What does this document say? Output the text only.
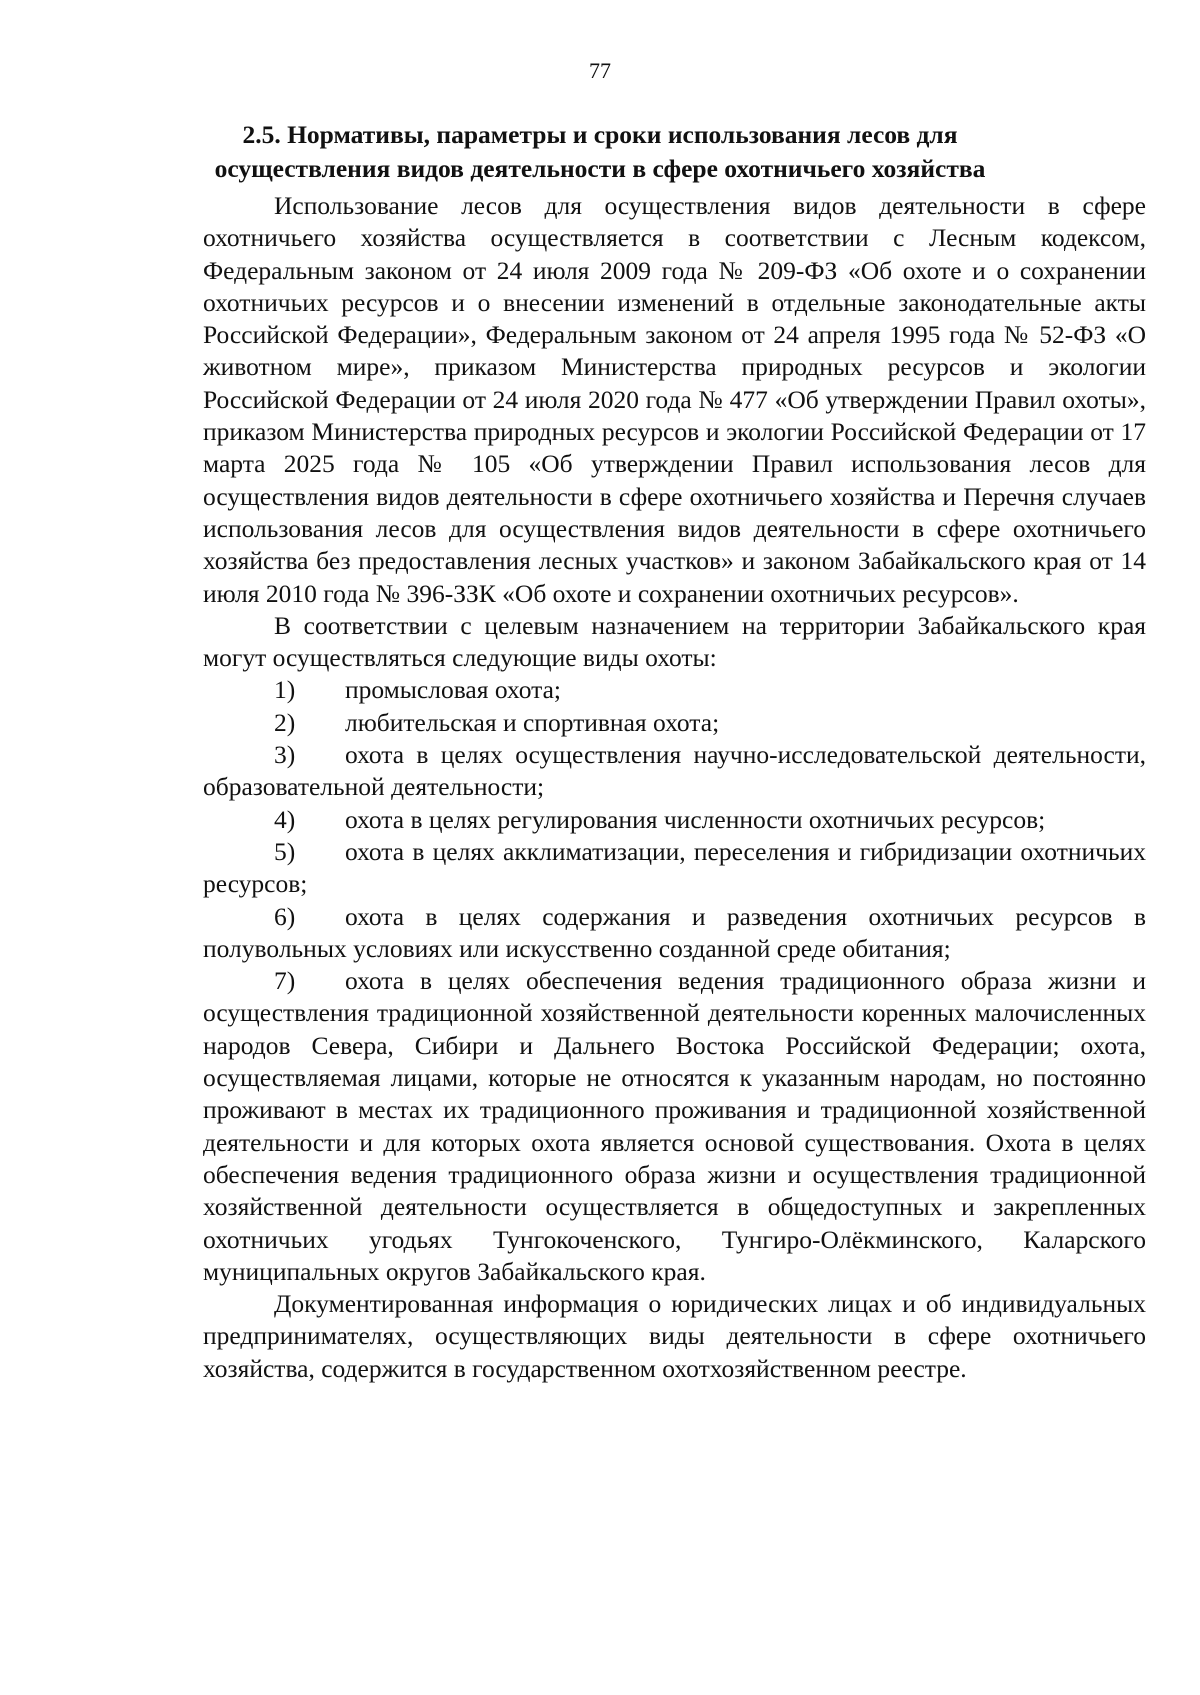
77
2.5. Нормативы, параметры и сроки использования лесов для
осуществления видов деятельности в сфере охотничьего хозяйства

Использование лесов для осуществления видов деятельности в сфере охотничьего хозяйства осуществляется в соответствии с Лесным кодексом, Федеральным законом от 24 июля 2009 года № 209-ФЗ «Об охоте и о сохранении охотничьих ресурсов и о внесении изменений в отдельные законодательные акты Российской Федерации», Федеральным законом от 24 апреля 1995 года № 52-ФЗ «О животном мире», приказом Министерства природных ресурсов и экологии Российской Федерации от 24 июля 2020 года № 477 «Об утверждении Правил охоты», приказом Министерства природных ресурсов и экологии Российской Федерации от 17 марта 2025 года № 105 «Об утверждении Правил использования лесов для осуществления видов деятельности в сфере охотничьего хозяйства и Перечня случаев использования лесов для осуществления видов деятельности в сфере охотничьего хозяйства без предоставления лесных участков» и законом Забайкальского края от 14 июля 2010 года № 396-ЗЗК «Об охоте и сохранении охотничьих ресурсов».

В соответствии с целевым назначением на территории Забайкальского края могут осуществляться следующие виды охоты:

1) промысловая охота;

2) любительская и спортивная охота;

3) охота в целях осуществления научно-исследовательской деятельности, образовательной деятельности;

4) охота в целях регулирования численности охотничьих ресурсов;

5) охота в целях акклиматизации, переселения и гибридизации охотничьих ресурсов;

6) охота в целях содержания и разведения охотничьих ресурсов в полувольных условиях или искусственно созданной среде обитания;

7) охота в целях обеспечения ведения традиционного образа жизни и осуществления традиционной хозяйственной деятельности коренных малочисленных народов Севера, Сибири и Дальнего Востока Российской Федерации; охота, осуществляемая лицами, которые не относятся к указанным народам, но постоянно проживают в местах их традиционного проживания и традиционной хозяйственной деятельности и для которых охота является основой существования. Охота в целях обеспечения ведения традиционного образа жизни и осуществления традиционной хозяйственной деятельности осуществляется в общедоступных и закрепленных охотничьих угодьях Тунгокоченского, Тунгиро-Олёкминского, Каларского муниципальных округов Забайкальского края.

Документированная информация о юридических лицах и об индивидуальных предпринимателях, осуществляющих виды деятельности в сфере охотничьего хозяйства, содержится в государственном охотхозяйственном реестре.
